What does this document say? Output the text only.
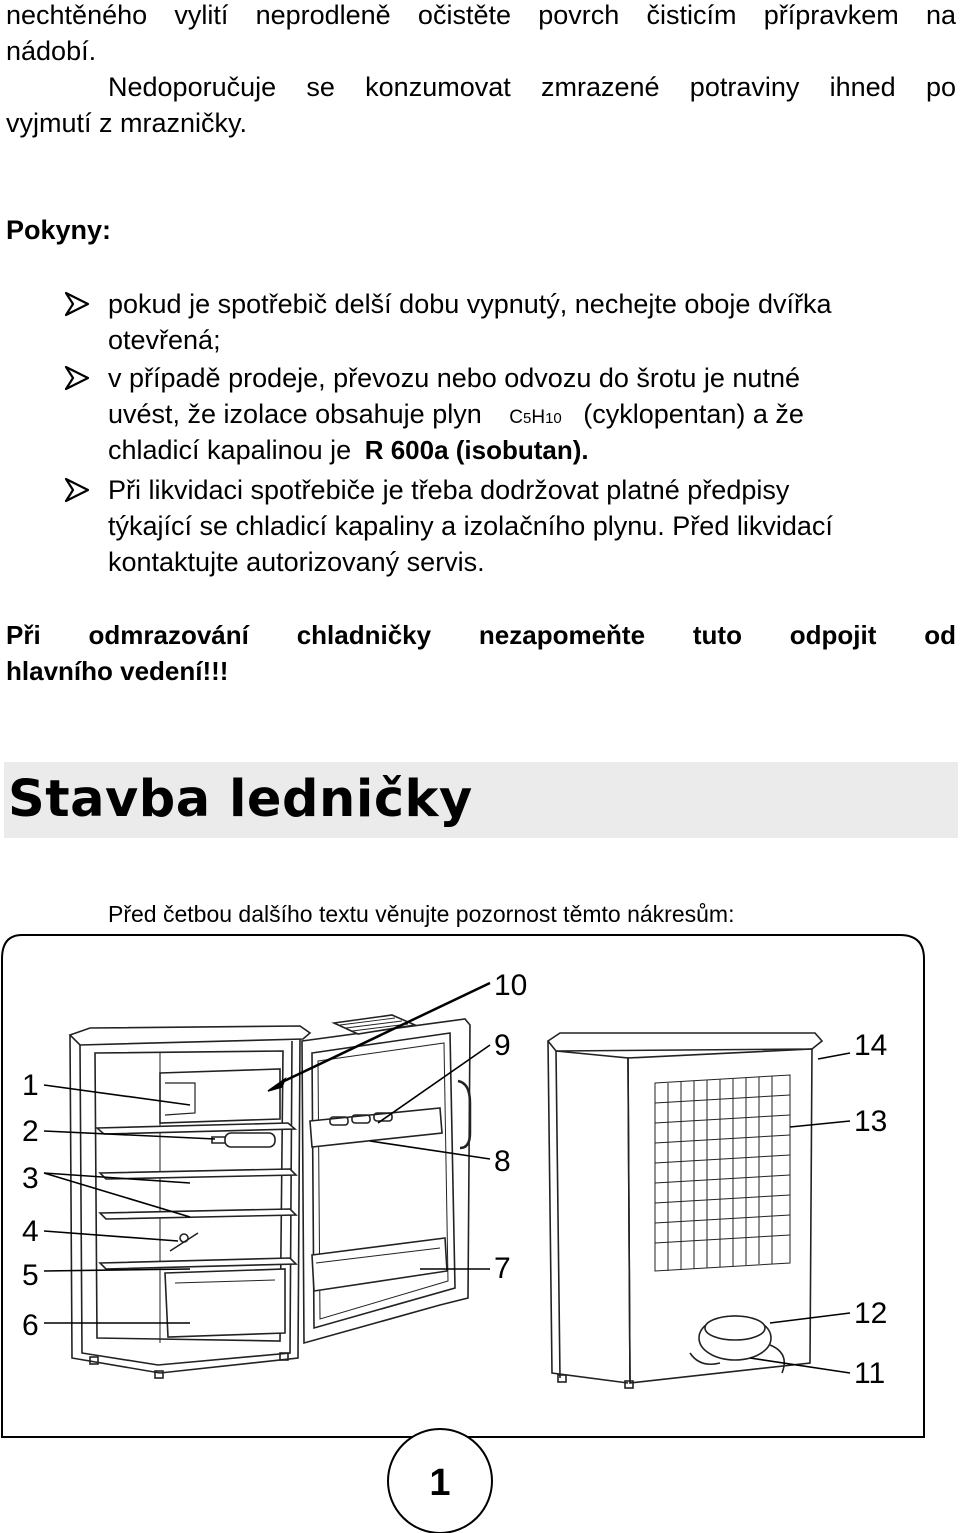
nechtěného vylití neprodleně očistěte povrch čisticím přípravkem na
nádobí.
Nedoporučuje se konzumovat zmrazené potraviny ihned po
vyjmutí z mrazničky.
Pokyny:
pokud je spotřebič delší dobu vypnutý, nechejte oboje dvířka
otevřená;
v případě prodeje, převozu nebo odvozu do šrotu je nutné
uvést, že izolace obsahuje plyn C5H10 (cyklopentan) a že
chladicí kapalinou je R 600a (isobutan).
Při likvidaci spotřebiče je třeba dodržovat platné předpisy
týkající se chladicí kapaliny a izolačního plynu. Před likvidací
kontaktujte autorizovaný servis.
Při odmrazování chladničky nezapomeňte tuto odpojit od
hlavního vedení!!!
Stavba ledničky
Před četbou dalšího textu věnujte pozornost těmto nákresům:
1
2
3
4
5
6
7
8
9
10
11
12
13
14
1
